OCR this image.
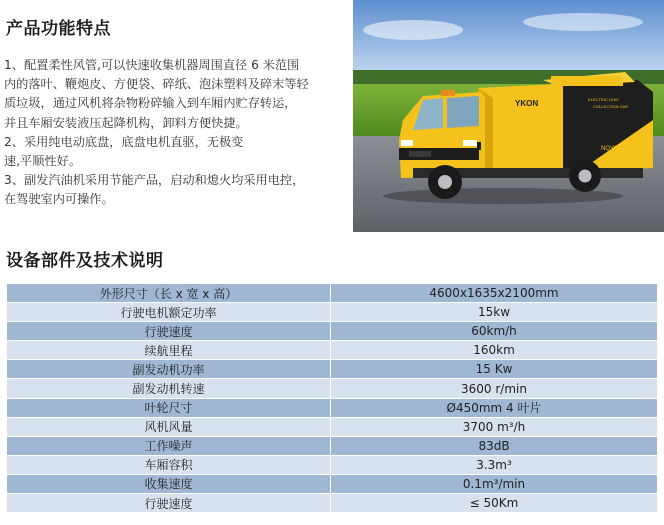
产品功能特点

1、配置柔性风管,可以快速收集机器周围直径 6 米范围

内的落叶、鞭炮皮、方便袋、碎纸、泡沫塑料及碎末等轻

质垃圾，通过风机将杂物粉碎输入到车厢内贮存转运，

并且车厢安装液压起降机构，卸料方便快捷。

2、采用纯电动底盘，底盘电机直驱，无极变

速,平顺性好。

3、副发汽油机采用节能产品，启动和熄火均采用电控，

在驾驶室内可操作。

ELECTRIC LEAF
COLLECTION CAR
YKON
NQYS-45
设备部件及技术说明
外形尺寸（长 x 宽 x 高）	4600x1635x2100mm
行驶电机额定功率	15kw
行驶速度	60km/h
续航里程	160km
副发动机功率	15 Kw
副发动机转速	3600 r/min
叶轮尺寸	Ø450mm 4 叶片
风机风量	3700 m³/h
工作噪声	83dB
车厢容积	3.3m³
收集速度	0.1m³/min
行驶速度	≤ 50Km
